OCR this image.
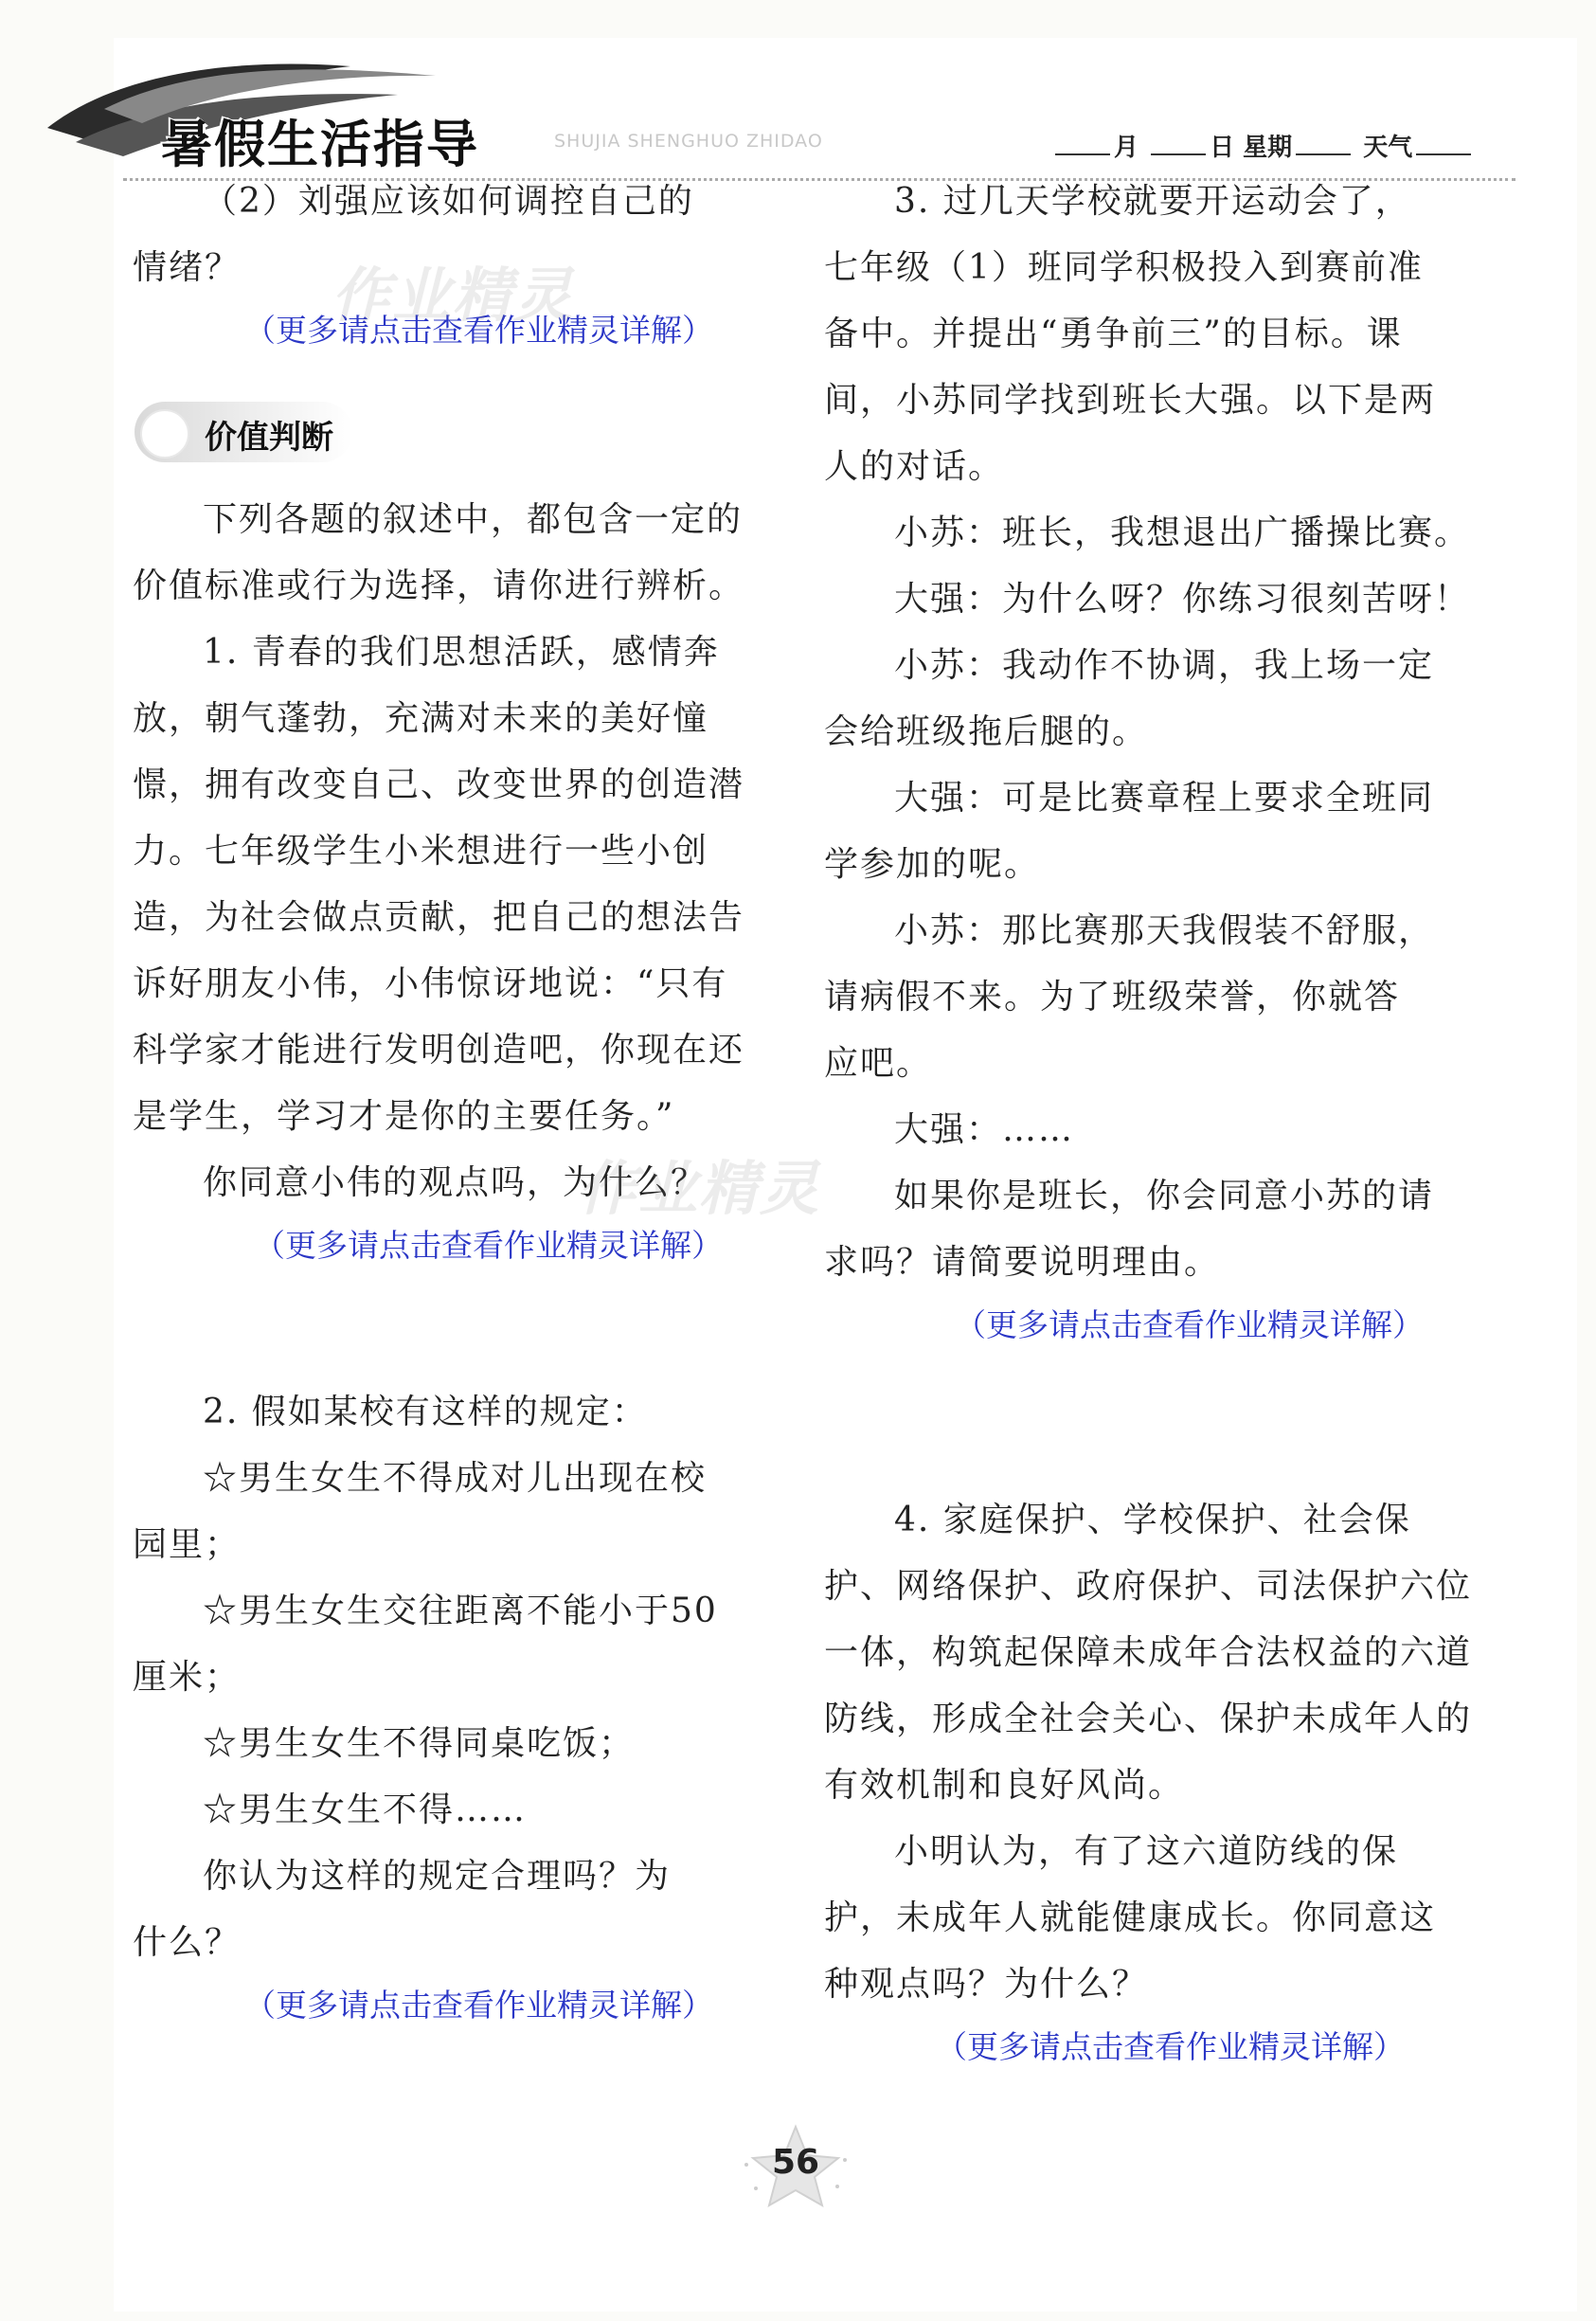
暑假生活指导	SHUJIA SHENGHUO ZHIDAO	月	日 星期	天气

（2）刘强应该如何调控自己的

情绪？

（更多请点击查看作业精灵详解）
价值判断

下列各题的叙述中，都包含一定的

价值标准或行为选择，请你进行辨析。

1. 青春的我们思想活跃，感情奔

放，朝气蓬勃，充满对未来的美好憧

憬，拥有改变自己、改变世界的创造潜

力。七年级学生小米想进行一些小创

造，为社会做点贡献，把自己的想法告

诉好朋友小伟，小伟惊讶地说：“只有

科学家才能进行发明创造吧，你现在还

是学生，学习才是你的主要任务。”

你同意小伟的观点吗，为什么？

（更多请点击查看作业精灵详解）

2. 假如某校有这样的规定：

☆男生女生不得成对儿出现在校

园里；

☆男生女生交往距离不能小于50

厘米；

☆男生女生不得同桌吃饭；

☆男生女生不得……

你认为这样的规定合理吗？为

什么？

（更多请点击查看作业精灵详解）

3. 过几天学校就要开运动会了，

七年级（1）班同学积极投入到赛前准

备中。并提出“勇争前三”的目标。课

间，小苏同学找到班长大强。以下是两

人的对话。

小苏：班长，我想退出广播操比赛。

大强：为什么呀？你练习很刻苦呀！

小苏：我动作不协调，我上场一定

会给班级拖后腿的。

大强：可是比赛章程上要求全班同

学参加的呢。

小苏：那比赛那天我假装不舒服，

请病假不来。为了班级荣誉，你就答

应吧。

大强：……

如果你是班长，你会同意小苏的请

求吗？请简要说明理由。

（更多请点击查看作业精灵详解）

4. 家庭保护、学校保护、社会保

护、网络保护、政府保护、司法保护六位

一体，构筑起保障未成年合法权益的六道

防线，形成全社会关心、保护未成年人的

有效机制和良好风尚。

小明认为，有了这六道防线的保

护，未成年人就能健康成长。你同意这

种观点吗？为什么？

（更多请点击查看作业精灵详解）
作业精灵
作业精灵
56
